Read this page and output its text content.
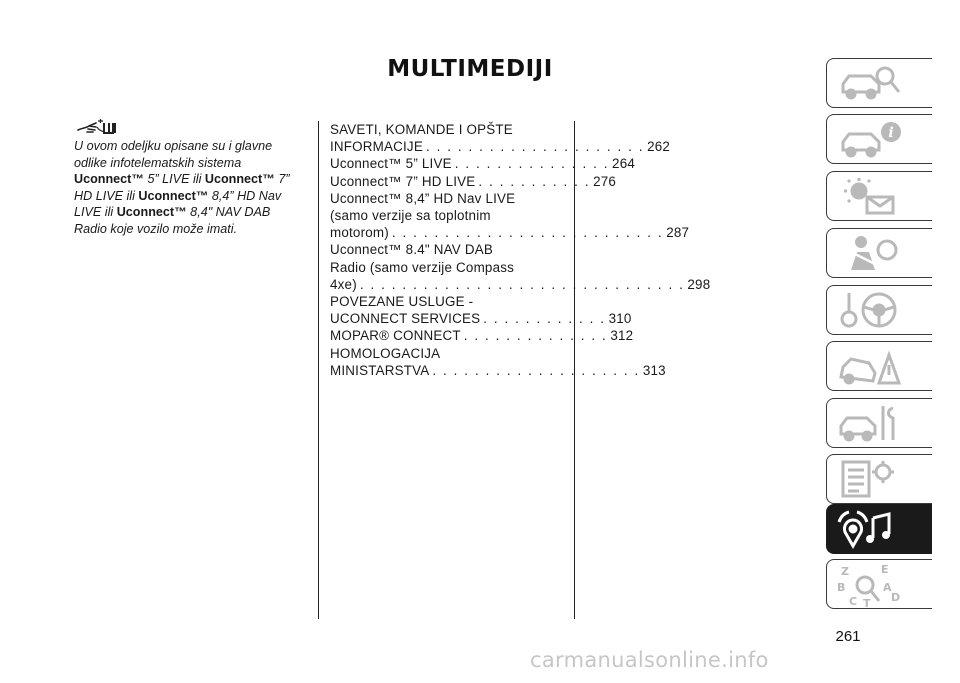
MULTIMEDIJI

U ovom odeljku opisane su i glavne odlike infotelematskih sistema Uconnect™ 5” LIVE ili Uconnect™ 7” HD LIVE ili Uconnect™ 8,4” HD Nav LIVE ili Uconnect™ 8,4" NAV DAB Radio koje vozilo može imati.

SAVETI, KOMANDE I OPŠTE
INFORMACIJE . . . . . . . . . . . . . . . . . . . . . 262
Uconnect™ 5” LIVE . . . . . . . . . . . . . . . 264
Uconnect™ 7” HD LIVE . . . . . . . . . . . 276
Uconnect™ 8,4” HD Nav LIVE
(samo verzije sa toplotnim
motorom) . . . . . . . . . . . . . . . . . . . . . . . . . . 287
Uconnect™ 8.4" NAV DAB
Radio (samo verzije Compass
4xe) . . . . . . . . . . . . . . . . . . . . . . . . . . . . . . . 298
POVEZANE USLUGE -
UCONNECT SERVICES . . . . . . . . . . . . 310
MOPAR® CONNECT . . . . . . . . . . . . . . 312
HOMOLOGACIJA
MINISTARSTVA . . . . . . . . . . . . . . . . . . . . 313
i
Z	E
B	A
C T D
261
carmanualsonline.info
